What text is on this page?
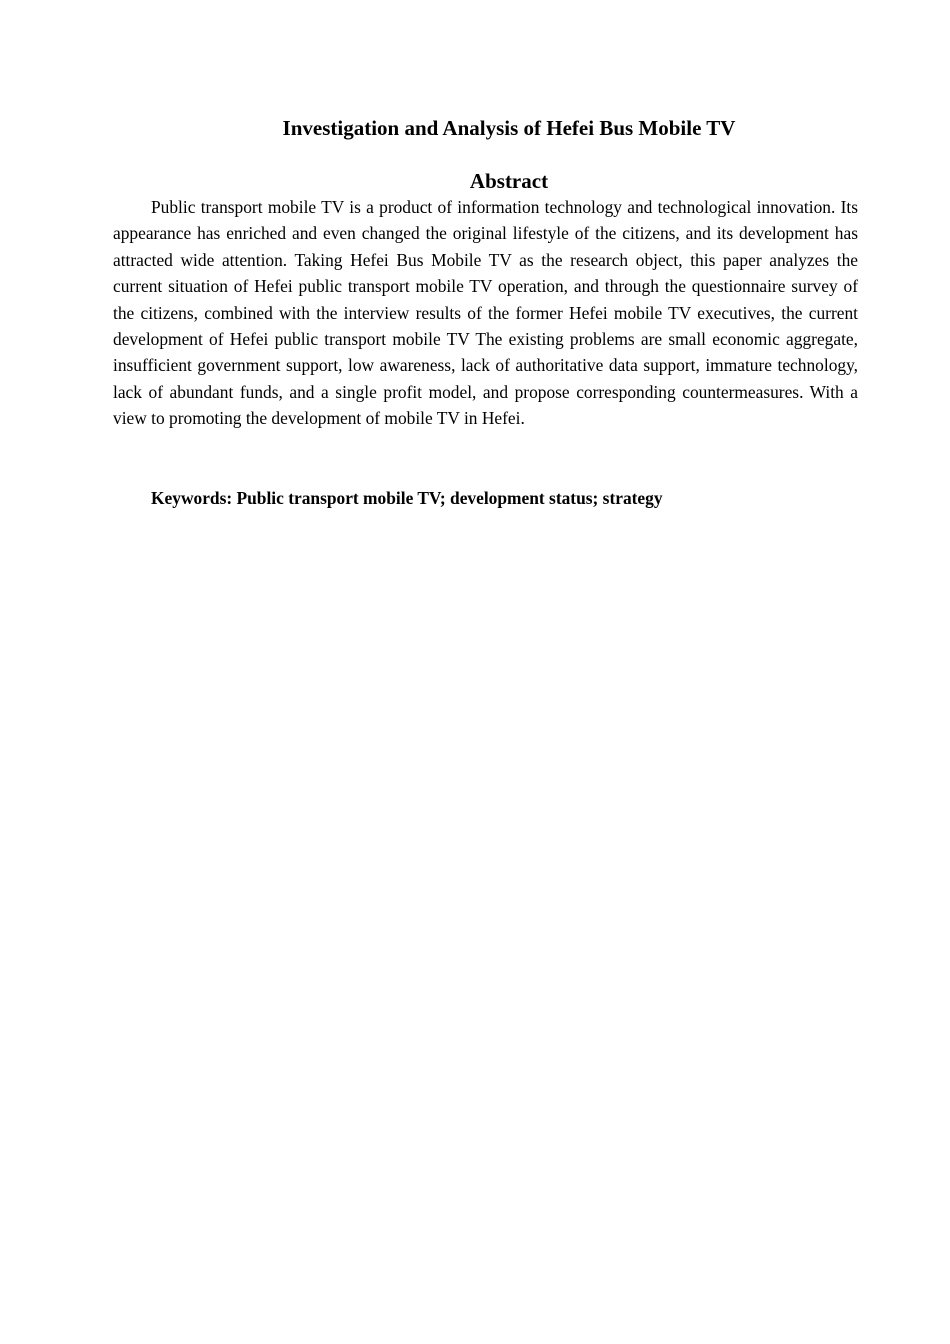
Investigation and Analysis of Hefei Bus Mobile TV
Abstract

Public transport mobile TV is a product of information technology and technological innovation. Its appearance has enriched and even changed the original lifestyle of the citizens, and its development has attracted wide attention. Taking Hefei Bus Mobile TV as the research object, this paper analyzes the current situation of Hefei public transport mobile TV operation, and through the questionnaire survey of the citizens, combined with the interview results of the former Hefei mobile TV executives, the current development of Hefei public transport mobile TV The existing problems are small economic aggregate, insufficient government support, low awareness, lack of authoritative data support, immature technology, lack of abundant funds, and a single profit model, and propose corresponding countermeasures. With a view to promoting the development of mobile TV in Hefei.

Keywords: Public transport mobile TV; development status; strategy
